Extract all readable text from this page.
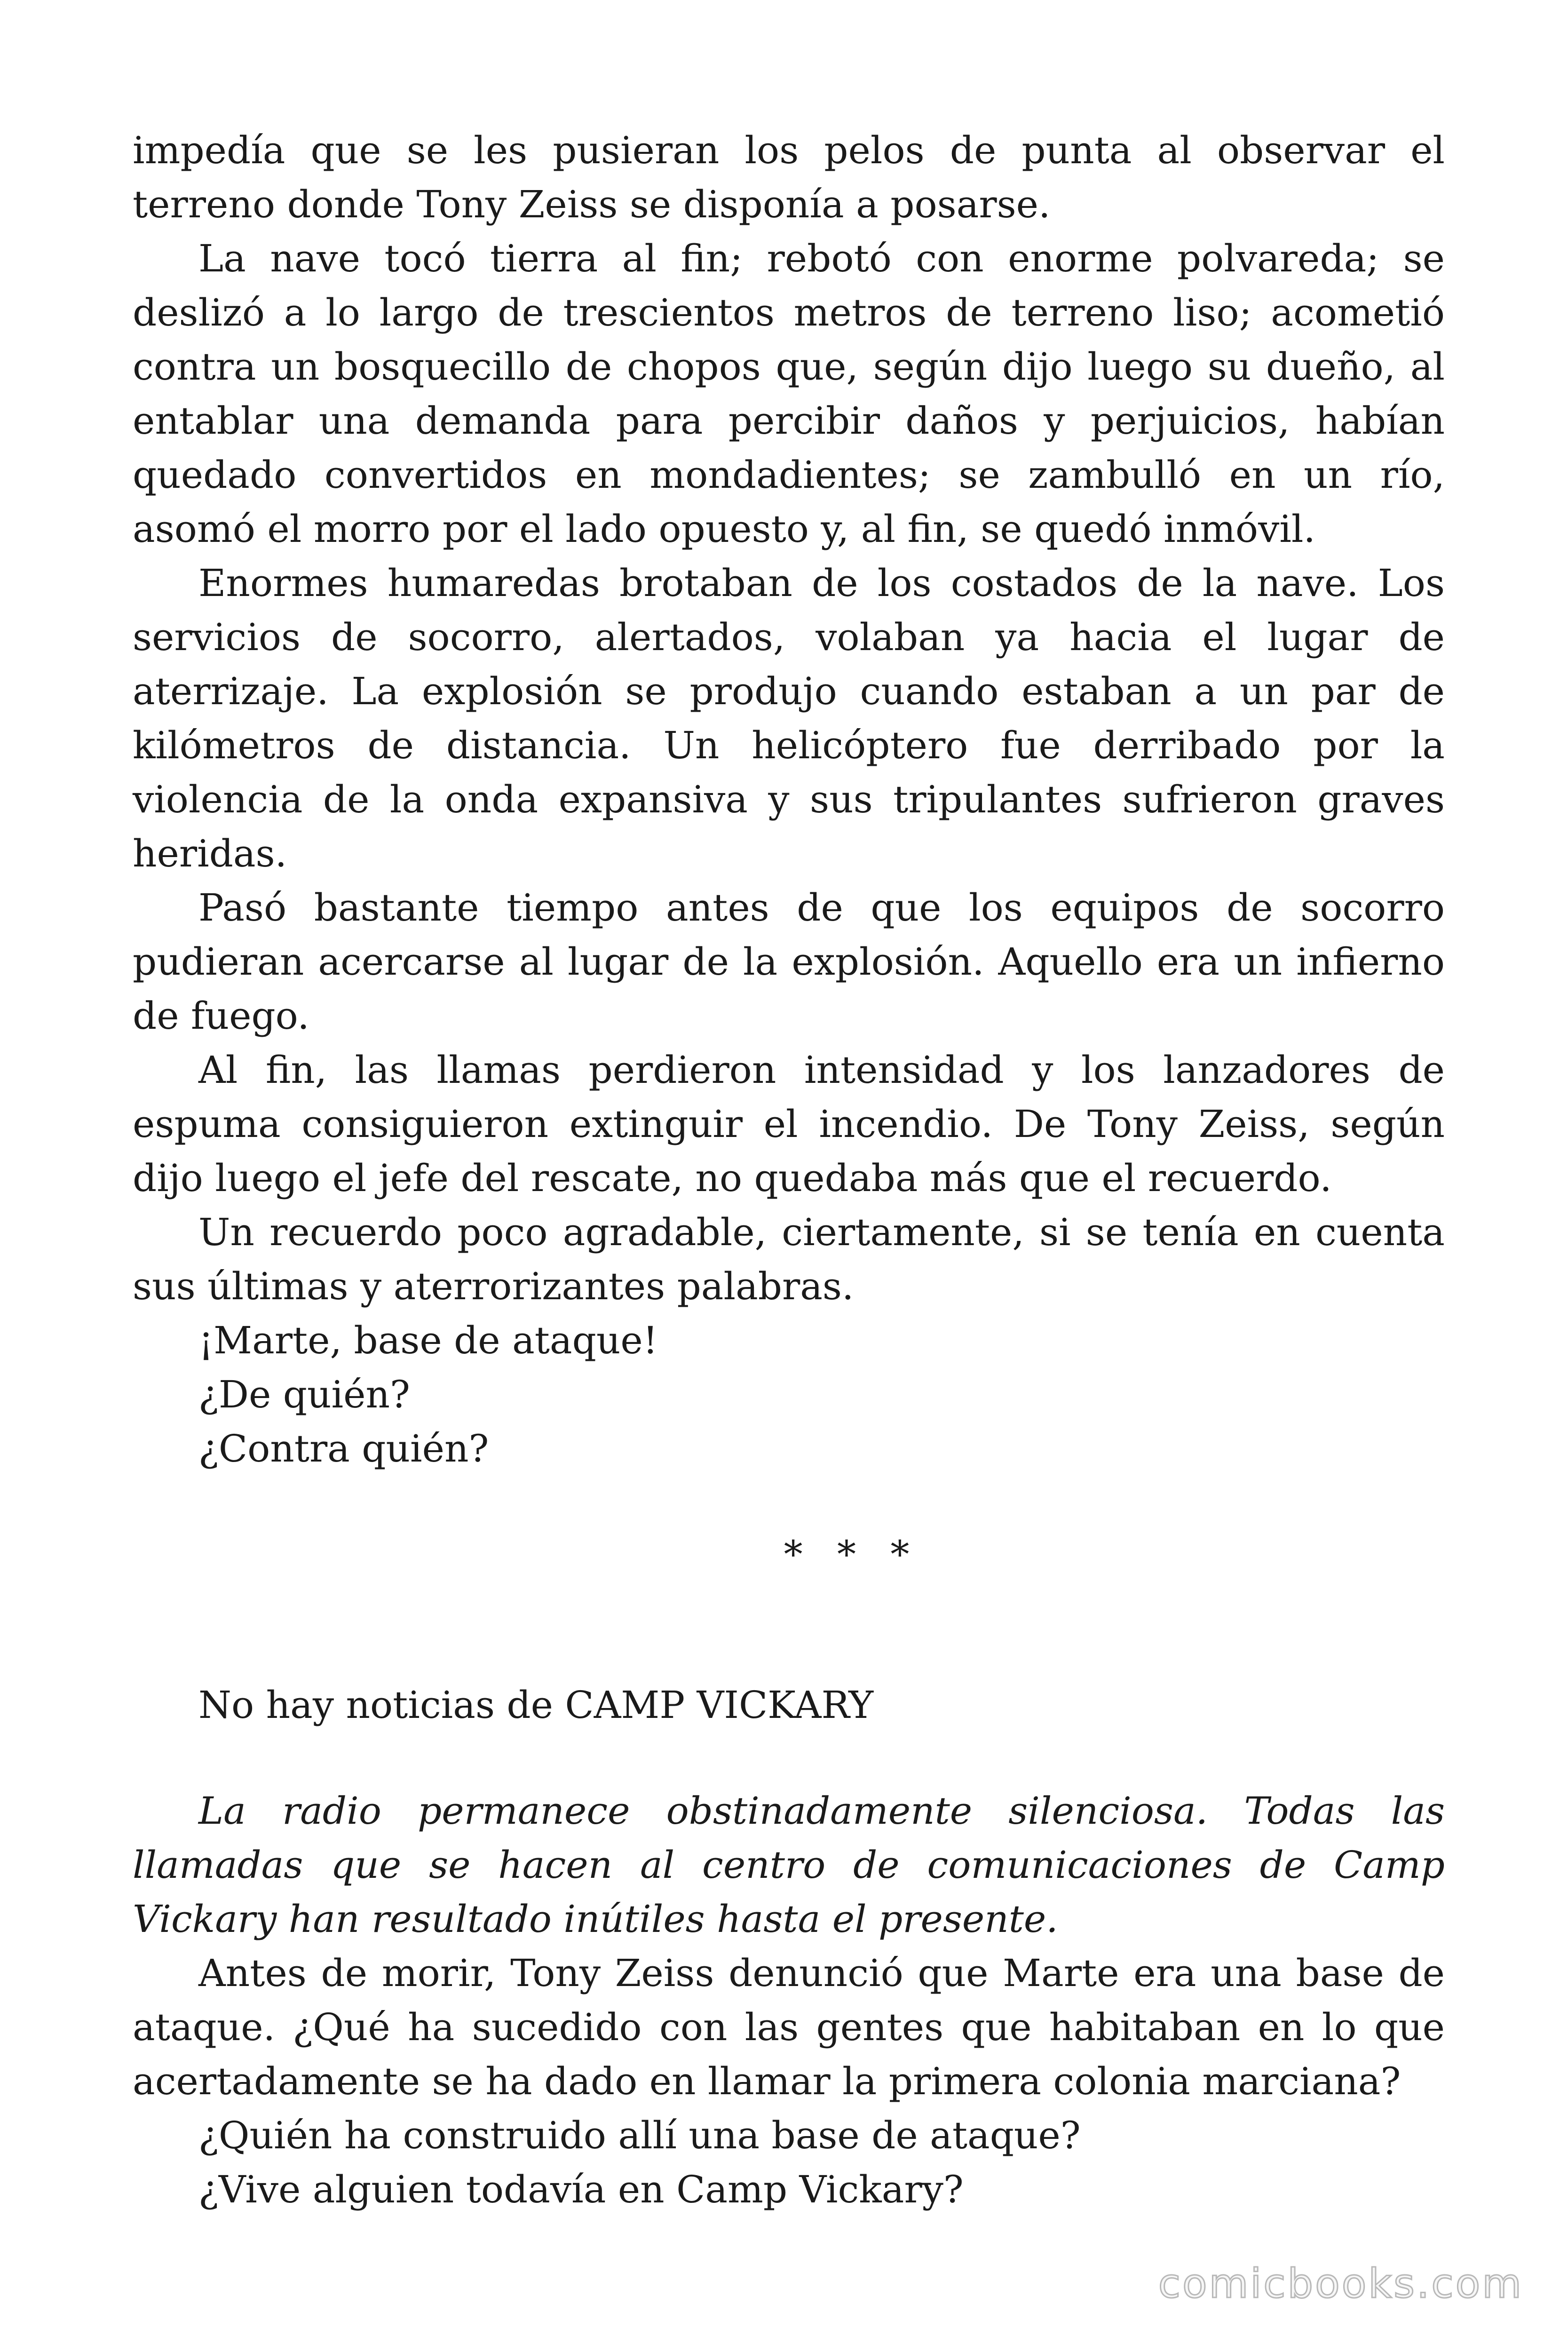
impedía que se les pusieran los pelos de punta al observar el terreno donde Tony Zeiss se disponía a posarse.

La nave tocó tierra al fin; rebotó con enorme polvareda; se deslizó a lo largo de trescientos metros de terreno liso; acometió contra un bosquecillo de chopos que, según dijo luego su dueño, al entablar una demanda para percibir daños y perjuicios, habían quedado convertidos en mondadientes; se zambulló en un río, asomó el morro por el lado opuesto y, al fin, se quedó inmóvil.

Enormes humaredas brotaban de los costados de la nave. Los servicios de socorro, alertados, volaban ya hacia el lugar de aterrizaje. La explosión se produjo cuando estaban a un par de kilómetros de distancia. Un helicóptero fue derribado por la violencia de la onda expansiva y sus tripulantes sufrieron graves heridas.

Pasó bastante tiempo antes de que los equipos de socorro pudieran acercarse al lugar de la explosión. Aquello era un infierno de fuego.

Al fin, las llamas perdieron intensidad y los lanzadores de espuma consiguieron extinguir el incendio. De Tony Zeiss, según dijo luego el jefe del rescate, no quedaba más que el recuerdo.

Un recuerdo poco agradable, ciertamente, si se tenía en cuenta sus últimas y aterrorizantes palabras.

¡Marte, base de ataque!

¿De quién?

¿Contra quién?

* * *

No hay noticias de CAMP VICKARY

La radio permanece obstinadamente silenciosa. Todas las llamadas que se hacen al centro de comunicaciones de Camp Vickary han resultado inútiles hasta el presente.

Antes de morir, Tony Zeiss denunció que Marte era una base de ataque. ¿Qué ha sucedido con las gentes que habitaban en lo que acertadamente se ha dado en llamar la primera colonia marciana?

¿Quién ha construido allí una base de ataque?

¿Vive alguien todavía en Camp Vickary?

comicbooks.com
